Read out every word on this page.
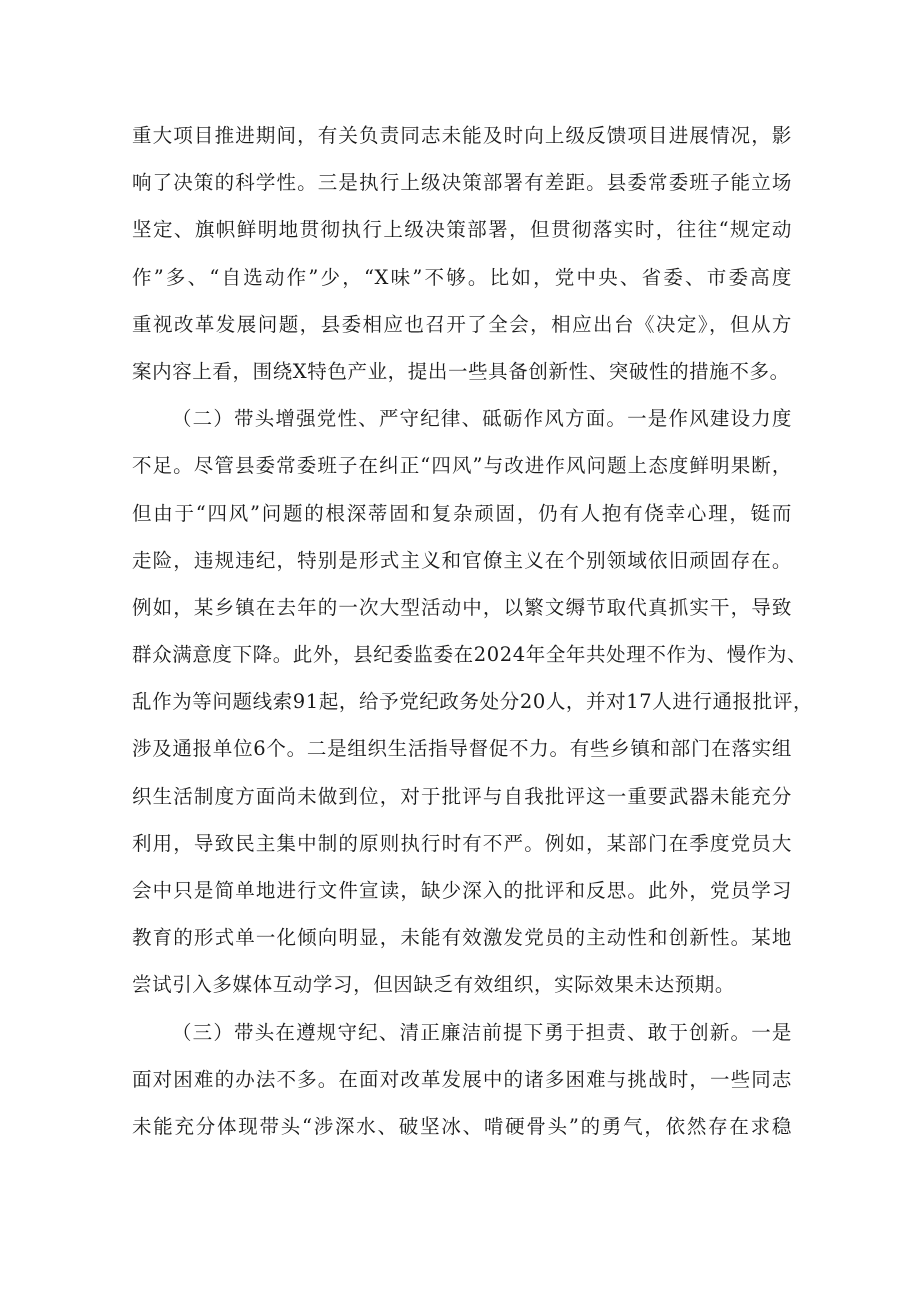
重大项目推进期间，有关负责同志未能及时向上级反馈项目进展情况，影
响了决策的科学性。三是执行上级决策部署有差距。县委常委班子能立场
坚定、旗帜鲜明地贯彻执行上级决策部署，但贯彻落实时，往往“规定动
作”多、“自选动作”少，“X味”不够。比如，党中央、省委、市委高度
重视改革发展问题，县委相应也召开了全会，相应出台《决定》，但从方
案内容上看，围绕X特色产业，提出一些具备创新性、突破性的措施不多。
（二）带头增强党性、严守纪律、砥砺作风方面。一是作风建设力度
不足。尽管县委常委班子在纠正“四风”与改进作风问题上态度鲜明果断，
但由于“四风”问题的根深蒂固和复杂顽固，仍有人抱有侥幸心理，铤而
走险，违规违纪，特别是形式主义和官僚主义在个别领域依旧顽固存在。
例如，某乡镇在去年的一次大型活动中，以繁文缛节取代真抓实干，导致
群众满意度下降。此外，县纪委监委在2024年全年共处理不作为、慢作为、
乱作为等问题线索91起，给予党纪政务处分20人，并对17人进行通报批评，
涉及通报单位6个。二是组织生活指导督促不力。有些乡镇和部门在落实组
织生活制度方面尚未做到位，对于批评与自我批评这一重要武器未能充分
利用，导致民主集中制的原则执行时有不严。例如，某部门在季度党员大
会中只是简单地进行文件宣读，缺少深入的批评和反思。此外，党员学习
教育的形式单一化倾向明显，未能有效激发党员的主动性和创新性。某地
尝试引入多媒体互动学习，但因缺乏有效组织，实际效果未达预期。
（三）带头在遵规守纪、清正廉洁前提下勇于担责、敢于创新。一是
面对困难的办法不多。在面对改革发展中的诸多困难与挑战时，一些同志
未能充分体现带头“涉深水、破坚冰、啃硬骨头”的勇气，依然存在求稳
